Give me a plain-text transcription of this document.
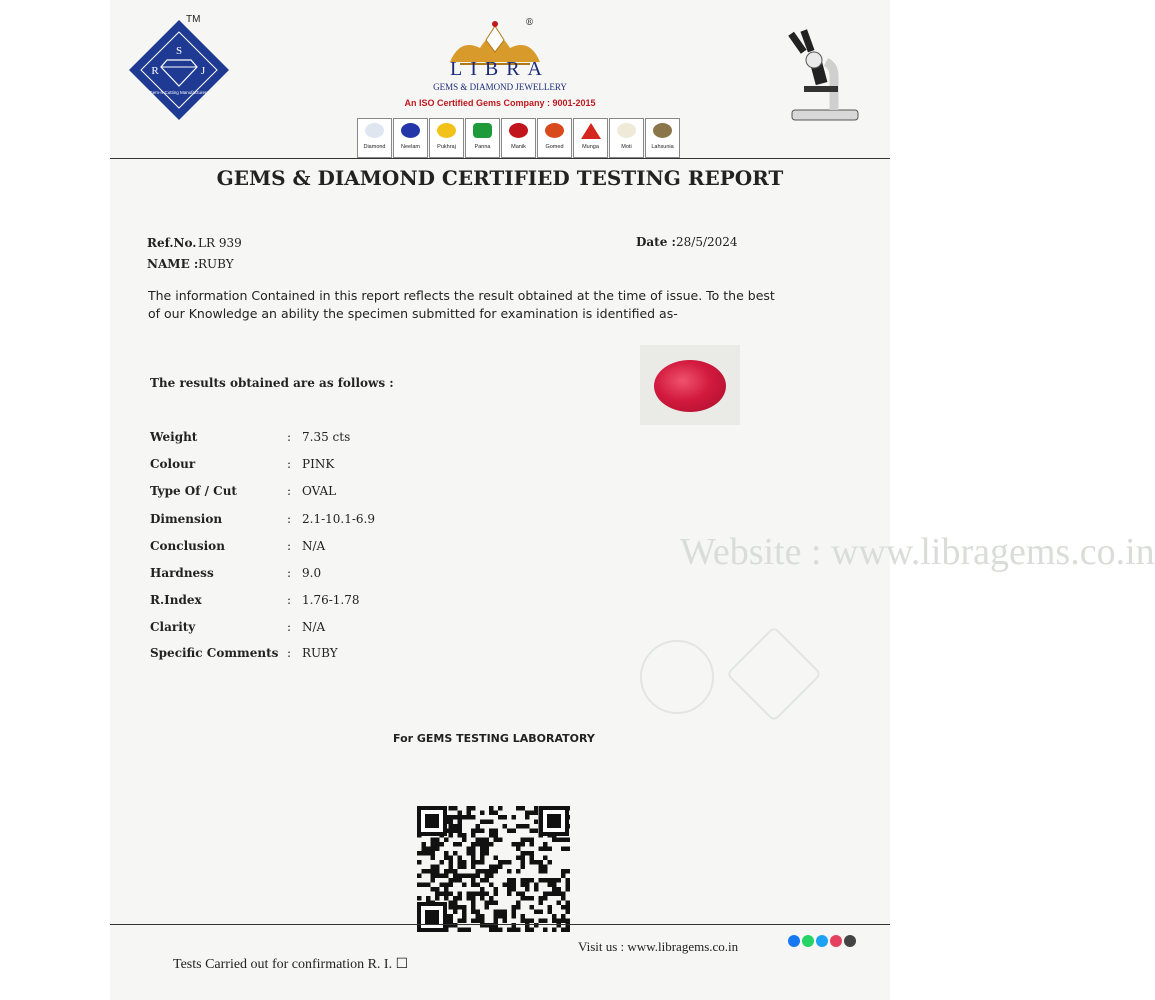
Website : www.libragems.co.in
S
R	J
Gem-n-Cutting Manufacturers
TM	®
LIBRA
GEMS & DIAMOND JEWELLERY
An ISO Certified Gems Company : 9001-2015
Diamond	Neelam	Pukhraj	Panna	Manik	Gomed	Munga	Moti	Lahsunia
GEMS & DIAMOND CERTIFIED TESTING REPORT
Ref.No. LR 939
NAME : RUBY
Date : 28/5/2024
The information Contained in this report reflects the result obtained at the time of issue. To the best of our Knowledge an ability the specimen submitted for examination is identified as-
The results obtained are as follows :
Weight	: 7.35 cts
Colour	: PINK
Type Of / Cut	: OVAL
Dimension	: 2.1-10.1-6.9
Conclusion	: N/A
Hardness	: 9.0
R.Index	: 1.76-1.78
Clarity	: N/A
Specific Comments : RUBY
For GEMS TESTING LABORATORY
Visit us : www.libragems.co.in
Tests Carried out for confirmation R. I. ☐
